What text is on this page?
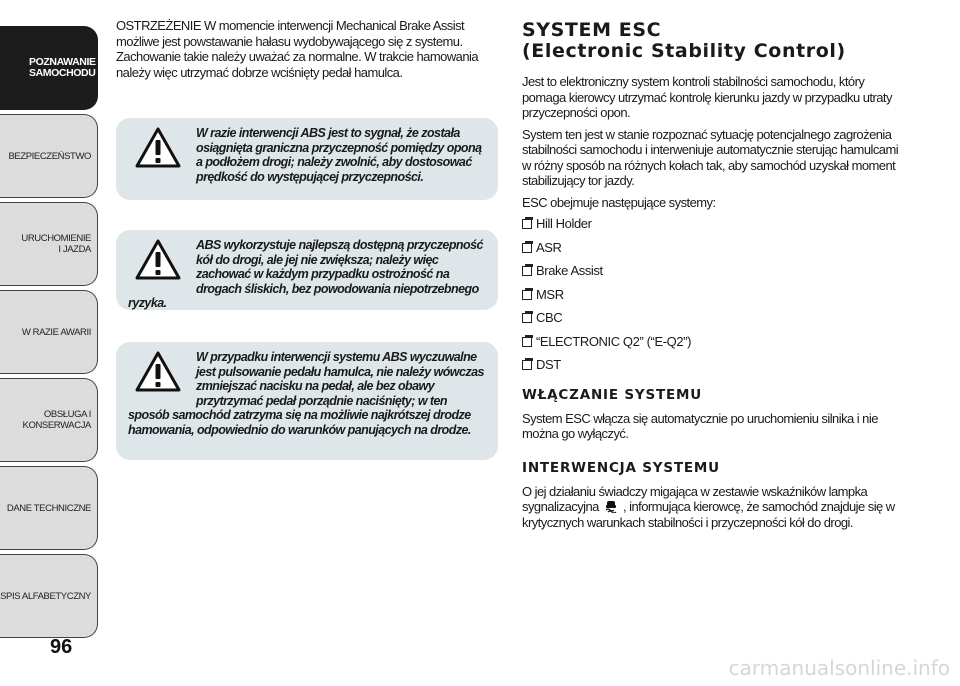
POZNAWANIE SAMOCHODU
BEZPIECZEŃSTWO
URUCHOMIENIE I JAZDA
W RAZIE AWARII
OBSŁUGA I KONSERWACJA
DANE TECHNICZNE
SPIS ALFABETYCZNY
96

OSTRZEŻENIE W momencie interwencji Mechanical Brake Assist możliwe jest powstawanie hałasu wydobywającego się z systemu. Zachowanie takie należy uważać za normalne. W trakcie hamowania należy więc utrzymać dobrze wciśnięty pedał hamulca.

W razie interwencji ABS jest to sygnał, że została osiągnięta graniczna przyczepność pomiędzy oponą a podłożem drogi; należy zwolnić, aby dostosować prędkość do występującej przyczepności.

ABS wykorzystuje najlepszą dostępną przyczepność kół do drogi, ale jej nie zwiększa; należy więc zachować w każdym przypadku ostrożność na drogach śliskich, bez powodowania niepotrzebnego ryzyka.

W przypadku interwencji systemu ABS wyczuwalne jest pulsowanie pedału hamulca, nie należy wówczas zmniejszać nacisku na pedał, ale bez obawy przytrzymać pedał porządnie naciśnięty; w ten sposób samochód zatrzyma się na możliwie najkrótszej drodze hamowania, odpowiednio do warunków panujących na drodze.

SYSTEM ESC
(Electronic Stability Control)

Jest to elektroniczny system kontroli stabilności samochodu, który pomaga kierowcy utrzymać kontrolę kierunku jazdy w przypadku utraty przyczepności opon.

System ten jest w stanie rozpoznać sytuację potencjalnego zagrożenia stabilności samochodu i interweniuje automatycznie sterując hamulcami w różny sposób na różnych kołach tak, aby samochód uzyskał moment stabilizujący tor jazdy.

ESC obejmuje następujące systemy:

Hill Holder
ASR
Brake Assist
MSR
CBC
“ELECTRONIC Q2” (“E-Q2”)
DST
WŁĄCZANIE SYSTEMU

System ESC włącza się automatycznie po uruchomieniu silnika i nie można go wyłączyć.

INTERWENCJA SYSTEMU

O jej działaniu świadczy migająca w zestawie wskaźników lampka sygnalizacyjna , informująca kierowcę, że samochód znajduje się w krytycznych warunkach stabilności i przyczepności kół do drogi.

carmanualsonline.info
